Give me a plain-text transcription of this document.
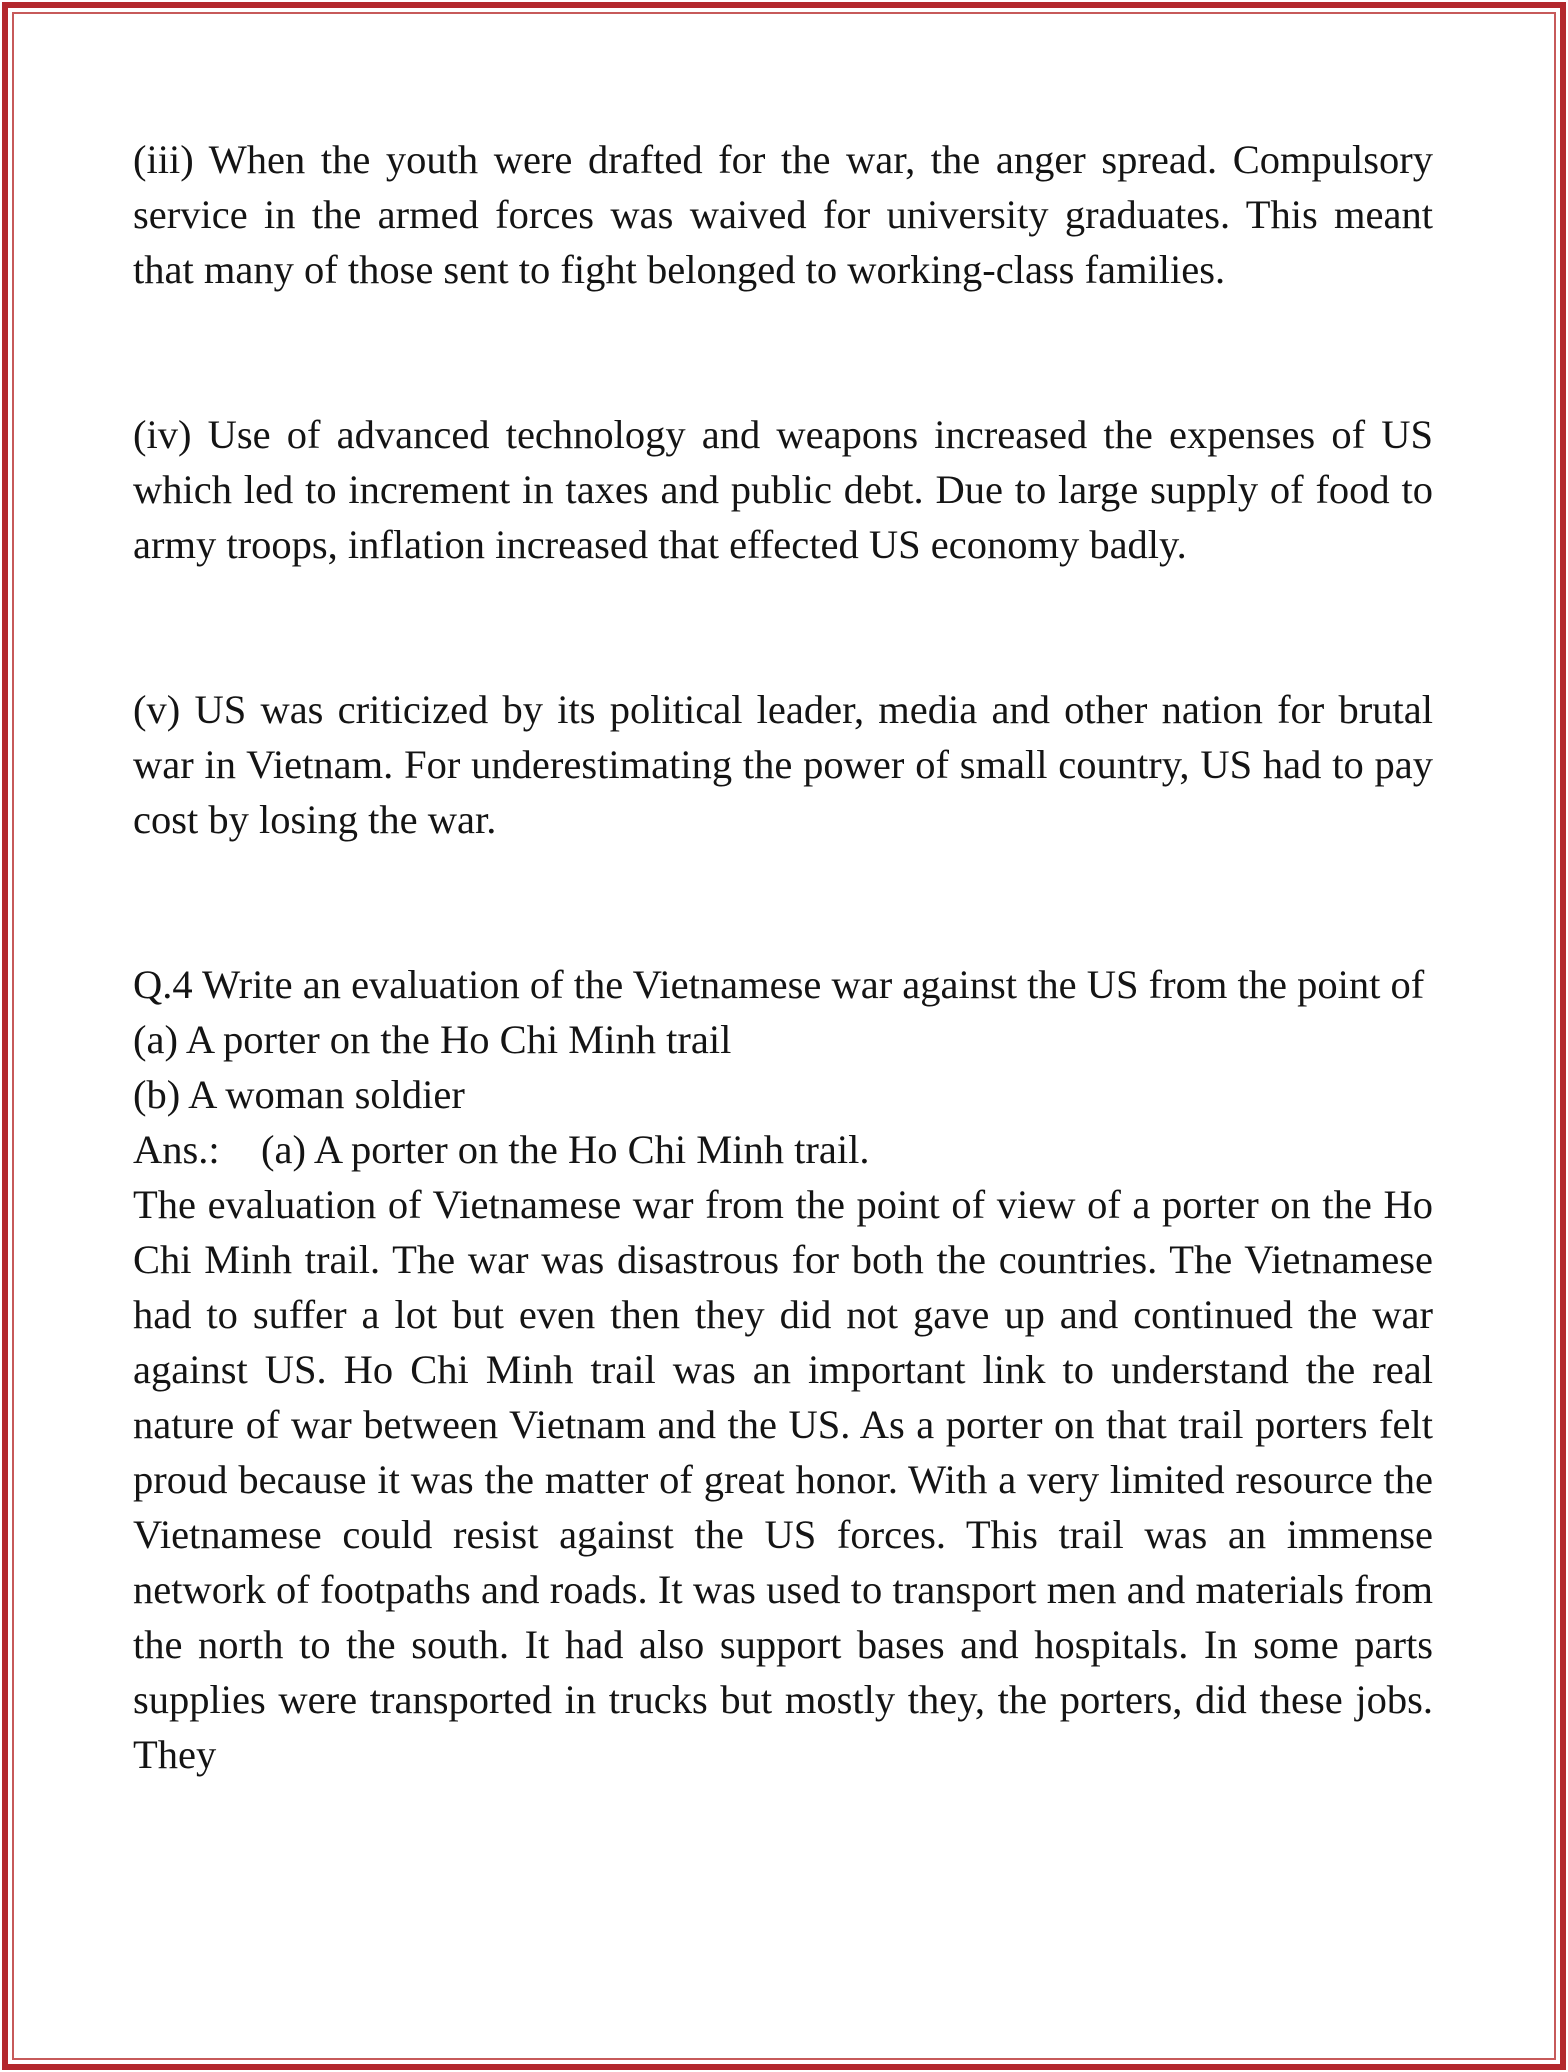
(iii) When the youth were drafted for the war, the anger spread. Compulsory service in the armed forces was waived for university graduates. This meant that many of those sent to fight belonged to working-class families.

(iv) Use of advanced technology and weapons increased the expenses of US which led to increment in taxes and public debt. Due to large supply of food to army troops, inflation increased that effected US economy badly.

(v) US was criticized by its political leader, media and other nation for brutal war in Vietnam. For underestimating the power of small country, US had to pay cost by losing the war.

Q.4 Write an evaluation of the Vietnamese war against the US from the point of

(a) A porter on the Ho Chi Minh trail

(b) A woman soldier

Ans.: (a) A porter on the Ho Chi Minh trail.

The evaluation of Vietnamese war from the point of view of a porter on the Ho Chi Minh trail. The war was disastrous for both the countries. The Vietnamese had to suffer a lot but even then they did not gave up and continued the war against US. Ho Chi Minh trail was an important link to understand the real nature of war between Vietnam and the US. As a porter on that trail porters felt proud because it was the matter of great honor. With a very limited resource the Vietnamese could resist against the US forces. This trail was an immense network of footpaths and roads. It was used to transport men and materials from the north to the south. It had also support bases and hospitals. In some parts supplies were transported in trucks but mostly they, the porters, did these jobs. They
